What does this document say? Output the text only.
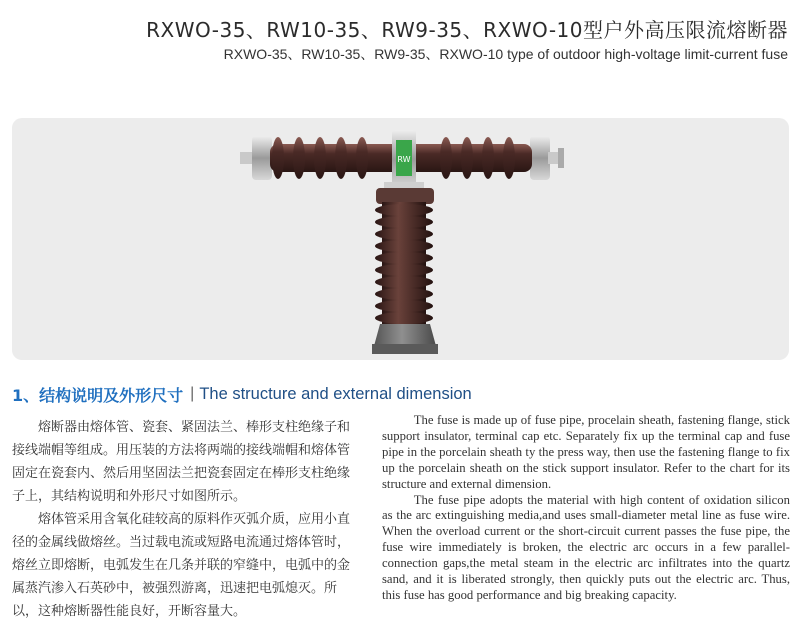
RXWO-35、RW10-35、RW9-35、RXWO-10型户外高压限流熔断器
RXWO-35、RW10-35、RW9-35、RXWO-10 type of outdoor high-voltage limit-current fuse
RW
1、 结构说明及外形尺寸 | The structure and external dimension

熔断器由熔体管、瓷套、紧固法兰、棒形支柱绝缘子和接线端帽等组成。用压装的方法将两端的接线端帽和熔体管固定在瓷套内、然后用坚固法兰把瓷套固定在棒形支柱绝缘子上，其结构说明和外形尺寸如图所示。

熔体管采用含氧化硅较高的原料作灭弧介质，应用小直径的金属线做熔丝。当过载电流或短路电流通过熔体管时，熔丝立即熔断，电弧发生在几条并联的窄缝中，电弧中的金属蒸汽渗入石英砂中，被强烈游离，迅速把电弧熄灭。所以，这种熔断器性能良好，开断容量大。

The fuse is made up of fuse pipe, procelain sheath, fastening flange, stick support insulator, terminal cap etc. Separately fix up the terminal cap and fuse pipe in the porcelain sheath ty the press way, then use the fastening flange to fix up the porcelain sheath on the stick support insulator. Refer to the chart for its structure and external dimension.

The fuse pipe adopts the material with high content of oxidation silicon as the arc extinguishing media,and uses small-diameter metal line as fuse wire. When the overload current or the short-circuit current passes the fuse pipe, the fuse wire immediately is broken, the electric arc occurs in a few parallel-connection gaps,the metal steam in the electric arc infiltrates into the quartz sand, and it is liberated strongly, then quickly puts out the electric arc. Thus, this fuse has good performance and big breaking capacity.
